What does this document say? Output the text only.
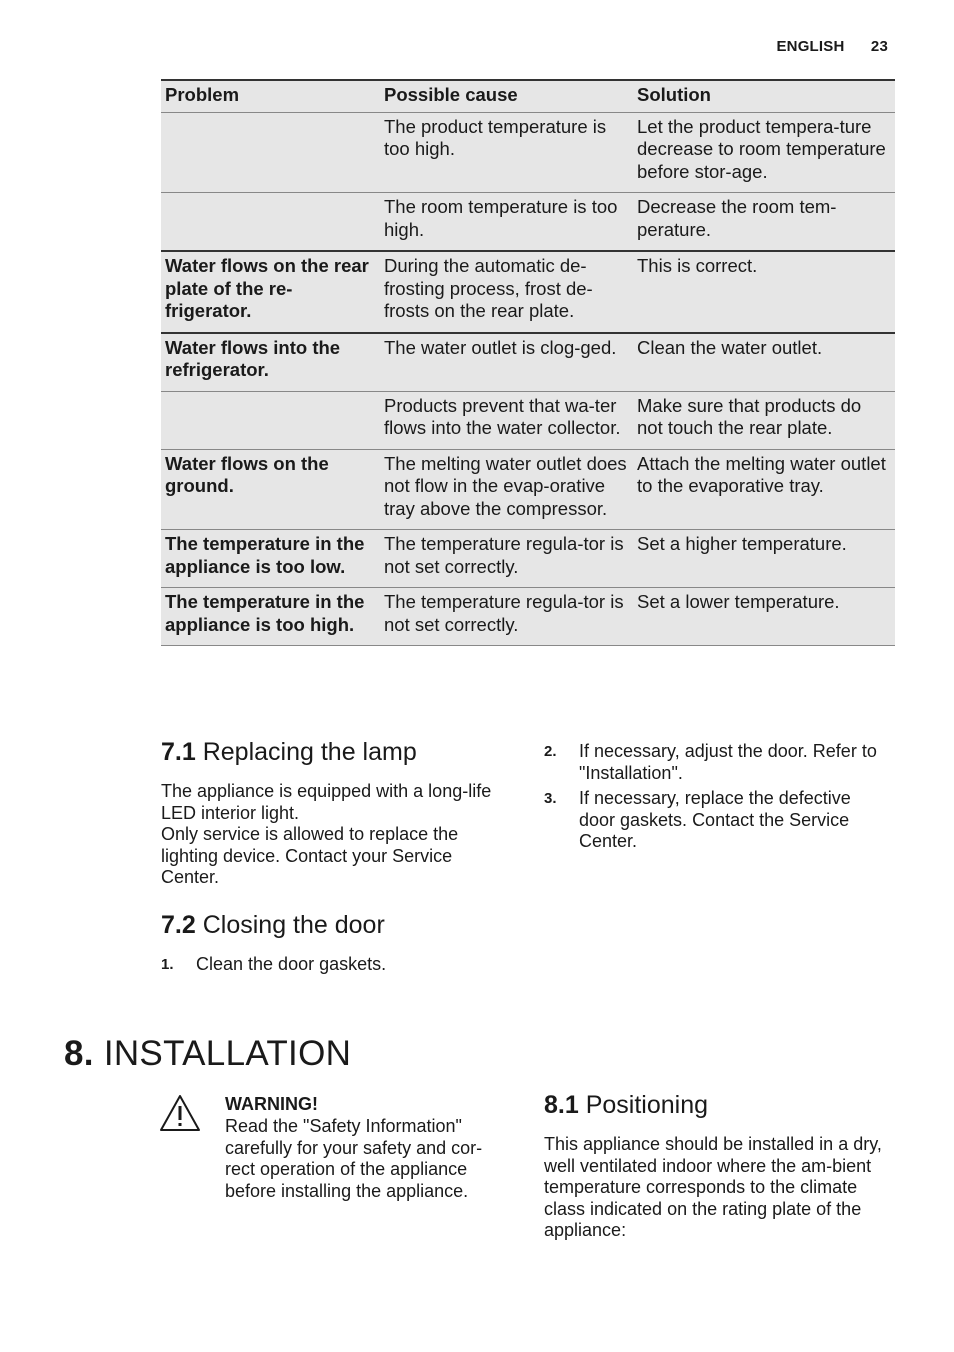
ENGLISH 23
Problem	Possible cause	Solution
	The product temperature is too high.	Let the product tempera-ture decrease to room temperature before stor-age.
	The room temperature is too high.	Decrease the room tem-perature.
Water flows on the rear plate of the re-frigerator.	During the automatic de-frosting process, frost de-frosts on the rear plate.	This is correct.
Water flows into the refrigerator.	The water outlet is clog-ged.	Clean the water outlet.
	Products prevent that wa-ter flows into the water collector.	Make sure that products do not touch the rear plate.
Water flows on the ground.	The melting water outlet does not flow in the evap-orative tray above the compressor.	Attach the melting water outlet to the evaporative tray.
The temperature in the appliance is too low.	The temperature regula-tor is not set correctly.	Set a higher temperature.
The temperature in the appliance is too high.	The temperature regula-tor is not set correctly.	Set a lower temperature.
7.1 Replacing the lamp
The appliance is equipped with a long-life LED interior light.
Only service is allowed to replace the lighting device. Contact your Service Center.
7.2 Closing the door
1. Clean the door gaskets.
2. If necessary, adjust the door. Refer to "Installation".
3. If necessary, replace the defective door gaskets. Contact the Service Center.
8. INSTALLATION
WARNING!
Read the "Safety Information" carefully for your safety and cor-rect operation of the appliance before installing the appliance.
8.1 Positioning
This appliance should be installed in a dry, well ventilated indoor where the am-bient temperature corresponds to the climate class indicated on the rating plate of the appliance:
